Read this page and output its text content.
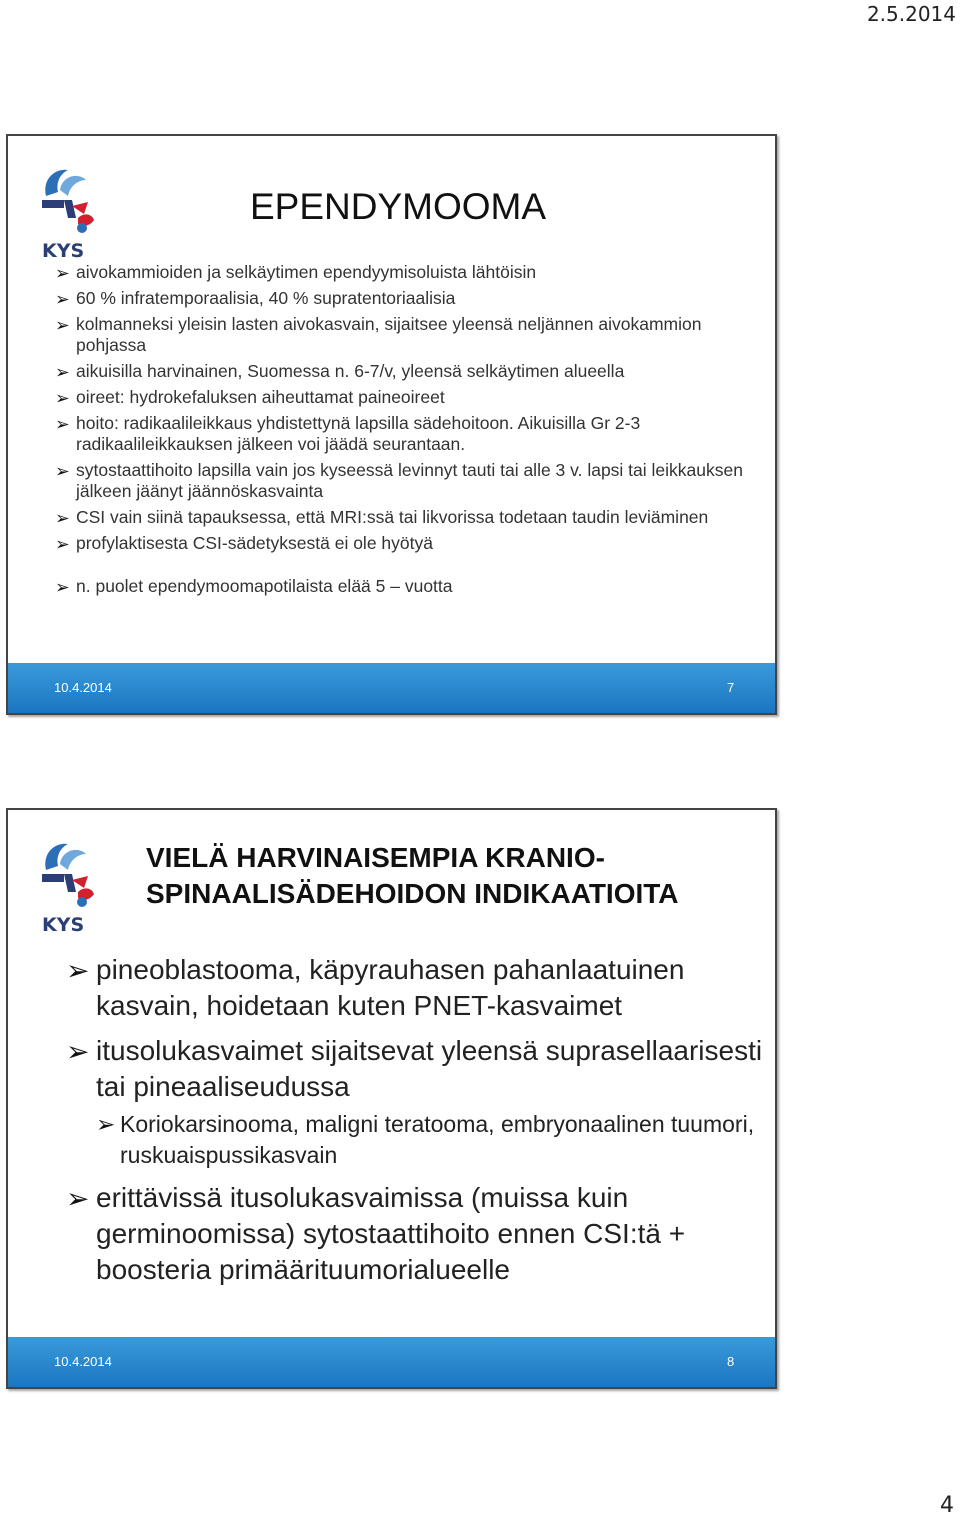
2.5.2014
KYS
EPENDYMOOMA
➢ aivokammioiden ja selkäytimen ependyymisoluista lähtöisin
➢ 60 % infratemporaalisia, 40 % supratentoriaalisia
➢ kolmanneksi yleisin lasten aivokasvain, sijaitsee yleensä neljännen aivokammion pohjassa
➢ aikuisilla harvinainen, Suomessa n. 6-7/v, yleensä selkäytimen alueella
➢ oireet: hydrokefaluksen aiheuttamat paineoireet
➢ hoito: radikaalileikkaus yhdistettynä lapsilla sädehoitoon. Aikuisilla Gr 2-3 radikaalileikkauksen jälkeen voi jäädä seurantaan.
➢ sytostaattihoito lapsilla vain jos kyseessä levinnyt tauti tai alle 3 v. lapsi tai leikkauksen jälkeen jäänyt jäännöskasvainta
➢ CSI vain siinä tapauksessa, että MRI:ssä tai likvorissa todetaan taudin leviäminen
➢ profylaktisesta CSI-sädetyksestä ei ole hyötyä
➢ n. puolet ependymoomapotilaista elää 5 – vuotta
10.4.2014	7
KYS
VIELÄ HARVINAISEMPIA KRANIO-SPINAALISÄDEHOIDON INDIKAATIOITA
➢ pineoblastooma, käpyrauhasen pahanlaatuinen kasvain, hoidetaan kuten PNET-kasvaimet
➢ itusolukasvaimet sijaitsevat yleensä suprasellaarisesti tai pineaaliseudussa
➢ Koriokarsinooma, maligni teratooma, embryonaalinen tuumori, ruskuaispussikasvain
➢ erittävissä itusolukasvaimissa (muissa kuin germinoomissa) sytostaattihoito ennen CSI:tä + boosteria primäärituumorialueelle
10.4.2014	8
4
